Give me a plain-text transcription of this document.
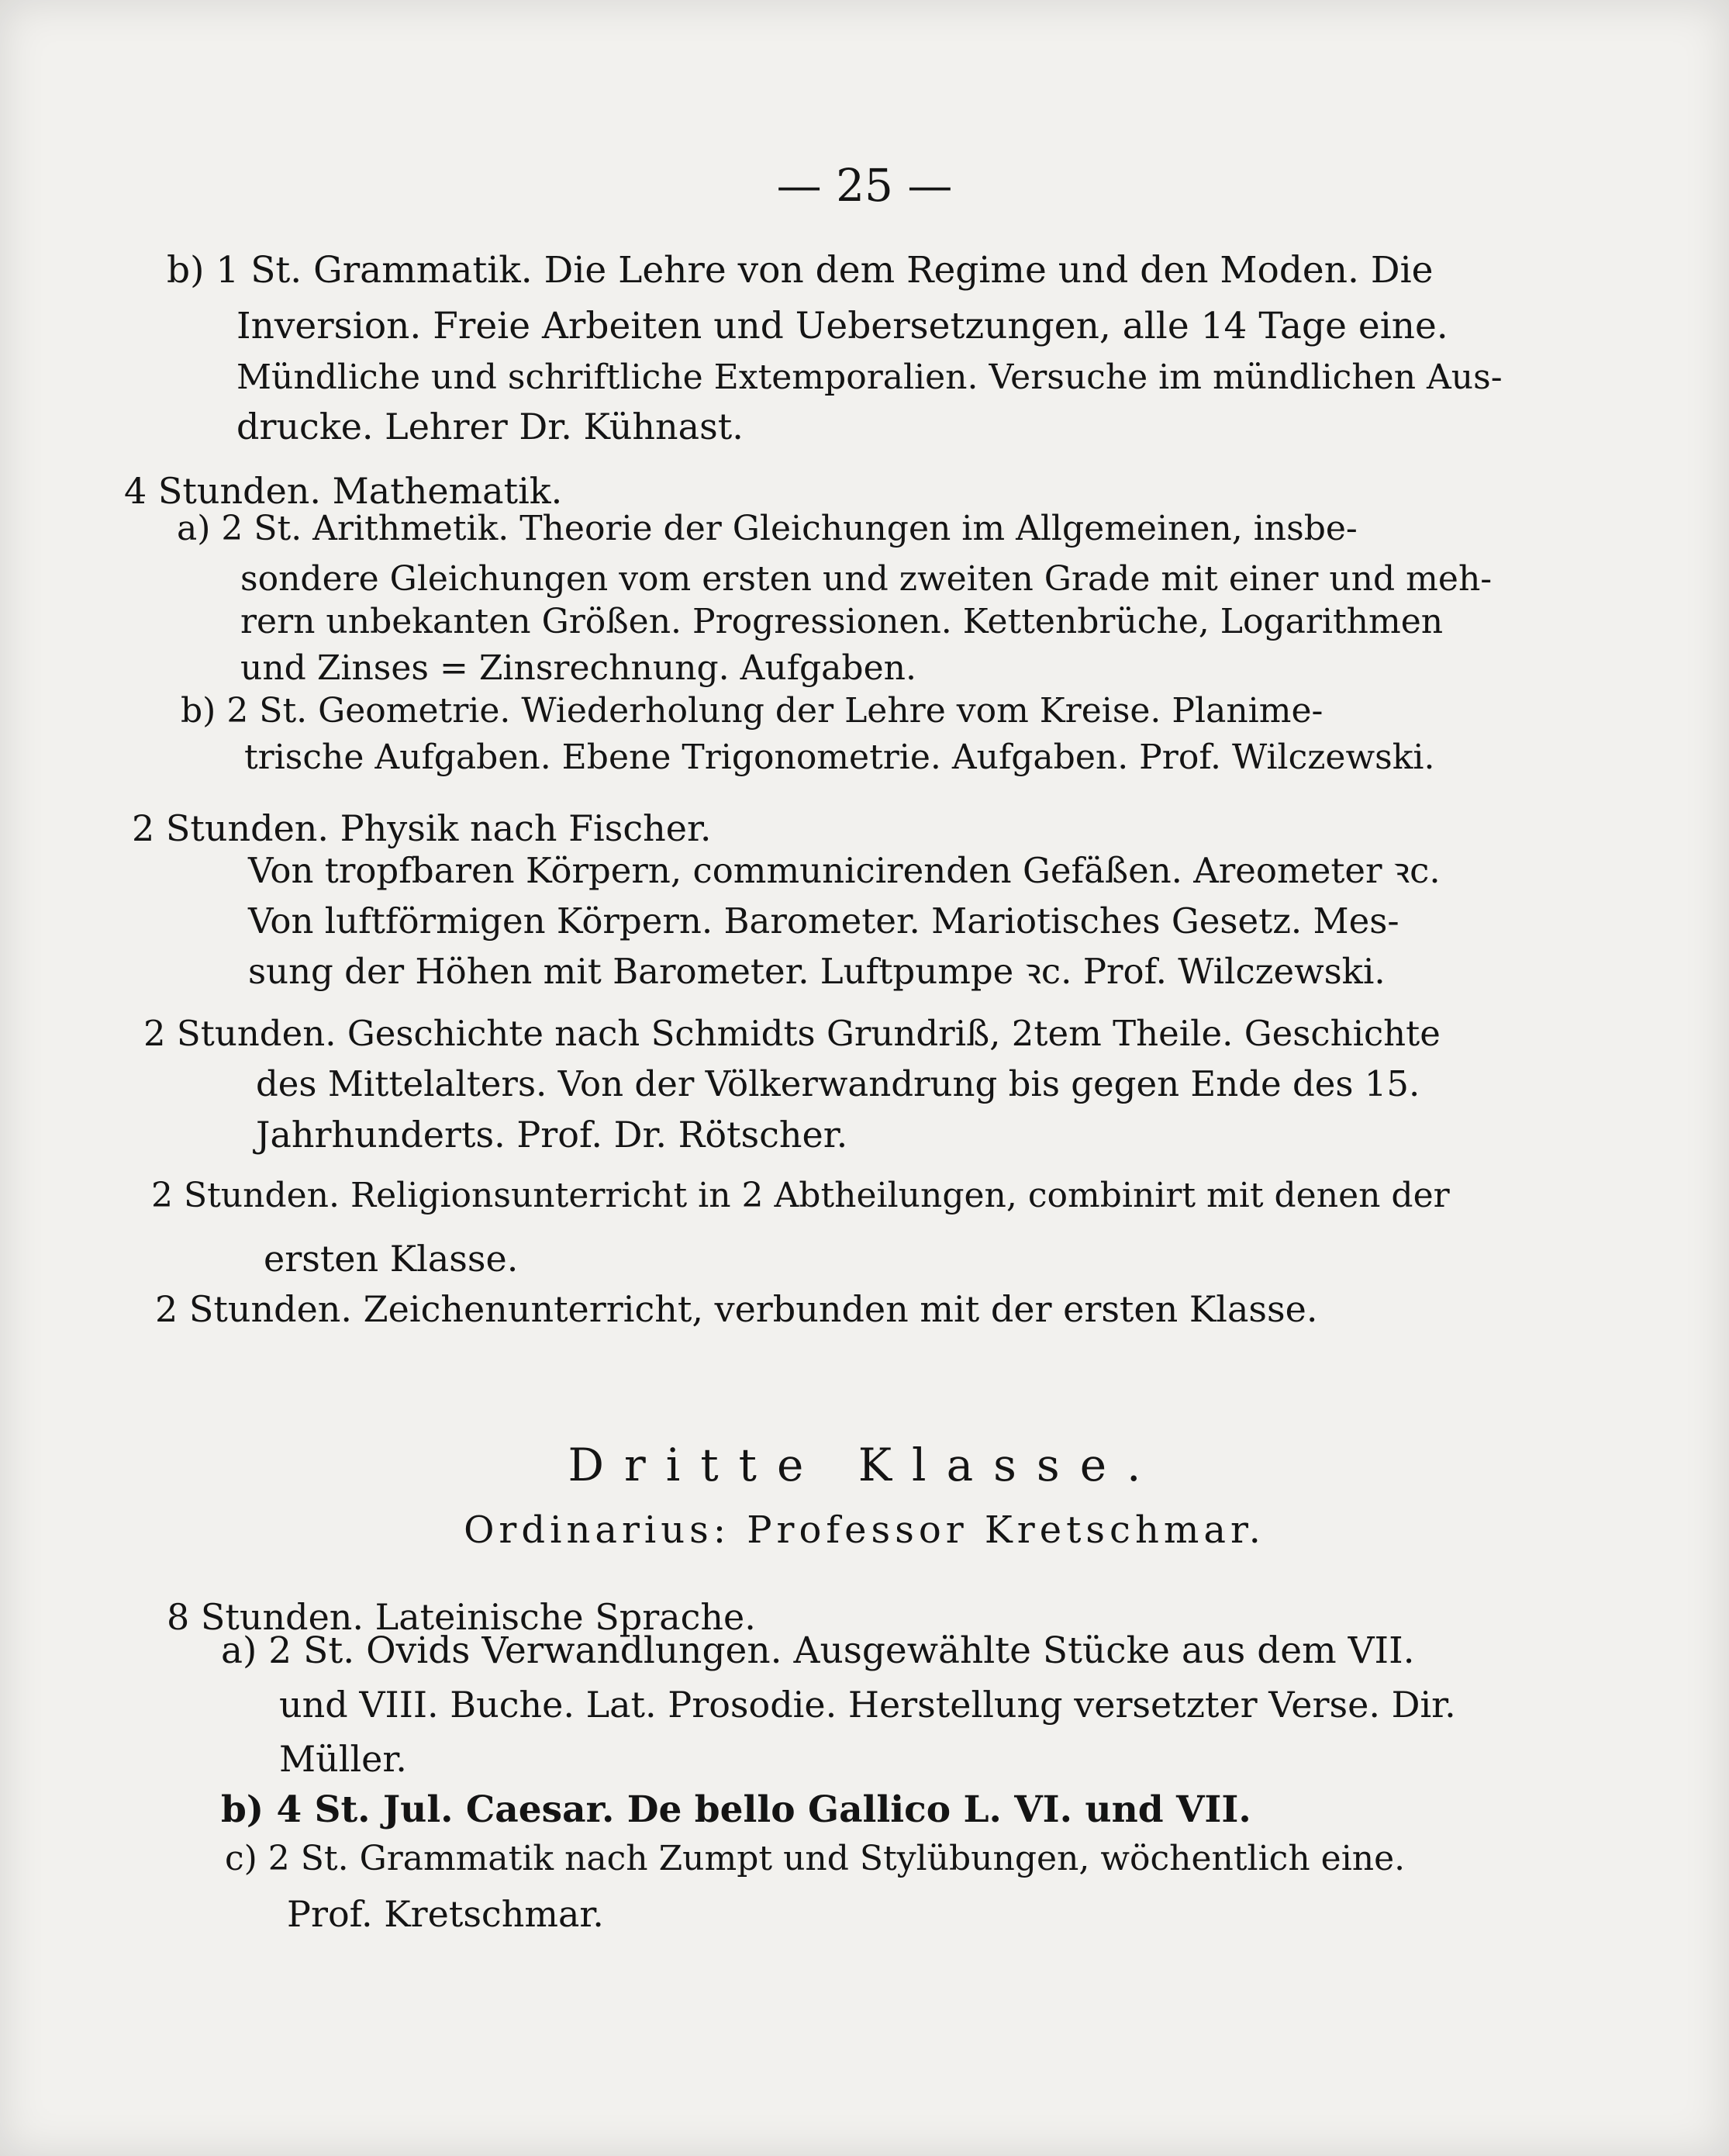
— 25 —
b) 1 St. Grammatik. Die Lehre von dem Regime und den Moden. Die
Inversion. Freie Arbeiten und Uebersetzungen, alle 14 Tage eine.
Mündliche und schriftliche Extemporalien. Versuche im mündlichen Aus-
drucke. Lehrer Dr. Kühnast.
4 Stunden. Mathematik.
a) 2 St. Arithmetik. Theorie der Gleichungen im Allgemeinen, insbe-
sondere Gleichungen vom ersten und zweiten Grade mit einer und meh-
rern unbekanten Größen. Progressionen. Kettenbrüche, Logarithmen
und Zinses = Zinsrechnung. Aufgaben.
b) 2 St. Geometrie. Wiederholung der Lehre vom Kreise. Planime-
trische Aufgaben. Ebene Trigonometrie. Aufgaben. Prof. Wilczewski.
2 Stunden. Physik nach Fischer.
Von tropfbaren Körpern, communicirenden Gefäßen. Areometer ꝛc.
Von luftförmigen Körpern. Barometer. Mariotisches Gesetz. Mes-
sung der Höhen mit Barometer. Luftpumpe ꝛc. Prof. Wilczewski.
2 Stunden. Geschichte nach Schmidts Grundriß, 2tem Theile. Geschichte
des Mittelalters. Von der Völkerwandrung bis gegen Ende des 15.
Jahrhunderts. Prof. Dr. Rötscher.
2 Stunden. Religionsunterricht in 2 Abtheilungen, combinirt mit denen der
ersten Klasse.
2 Stunden. Zeichenunterricht, verbunden mit der ersten Klasse.
Dritte Klasse.
Ordinarius: Professor Kretschmar.
8 Stunden. Lateinische Sprache.
a) 2 St. Ovids Verwandlungen. Ausgewählte Stücke aus dem VII.
und VIII. Buche. Lat. Prosodie. Herstellung versetzter Verse. Dir.
Müller.
b) 4 St. Jul. Caesar. De bello Gallico L. VI. und VII.
c) 2 St. Grammatik nach Zumpt und Stylübungen, wöchentlich eine.
Prof. Kretschmar.
